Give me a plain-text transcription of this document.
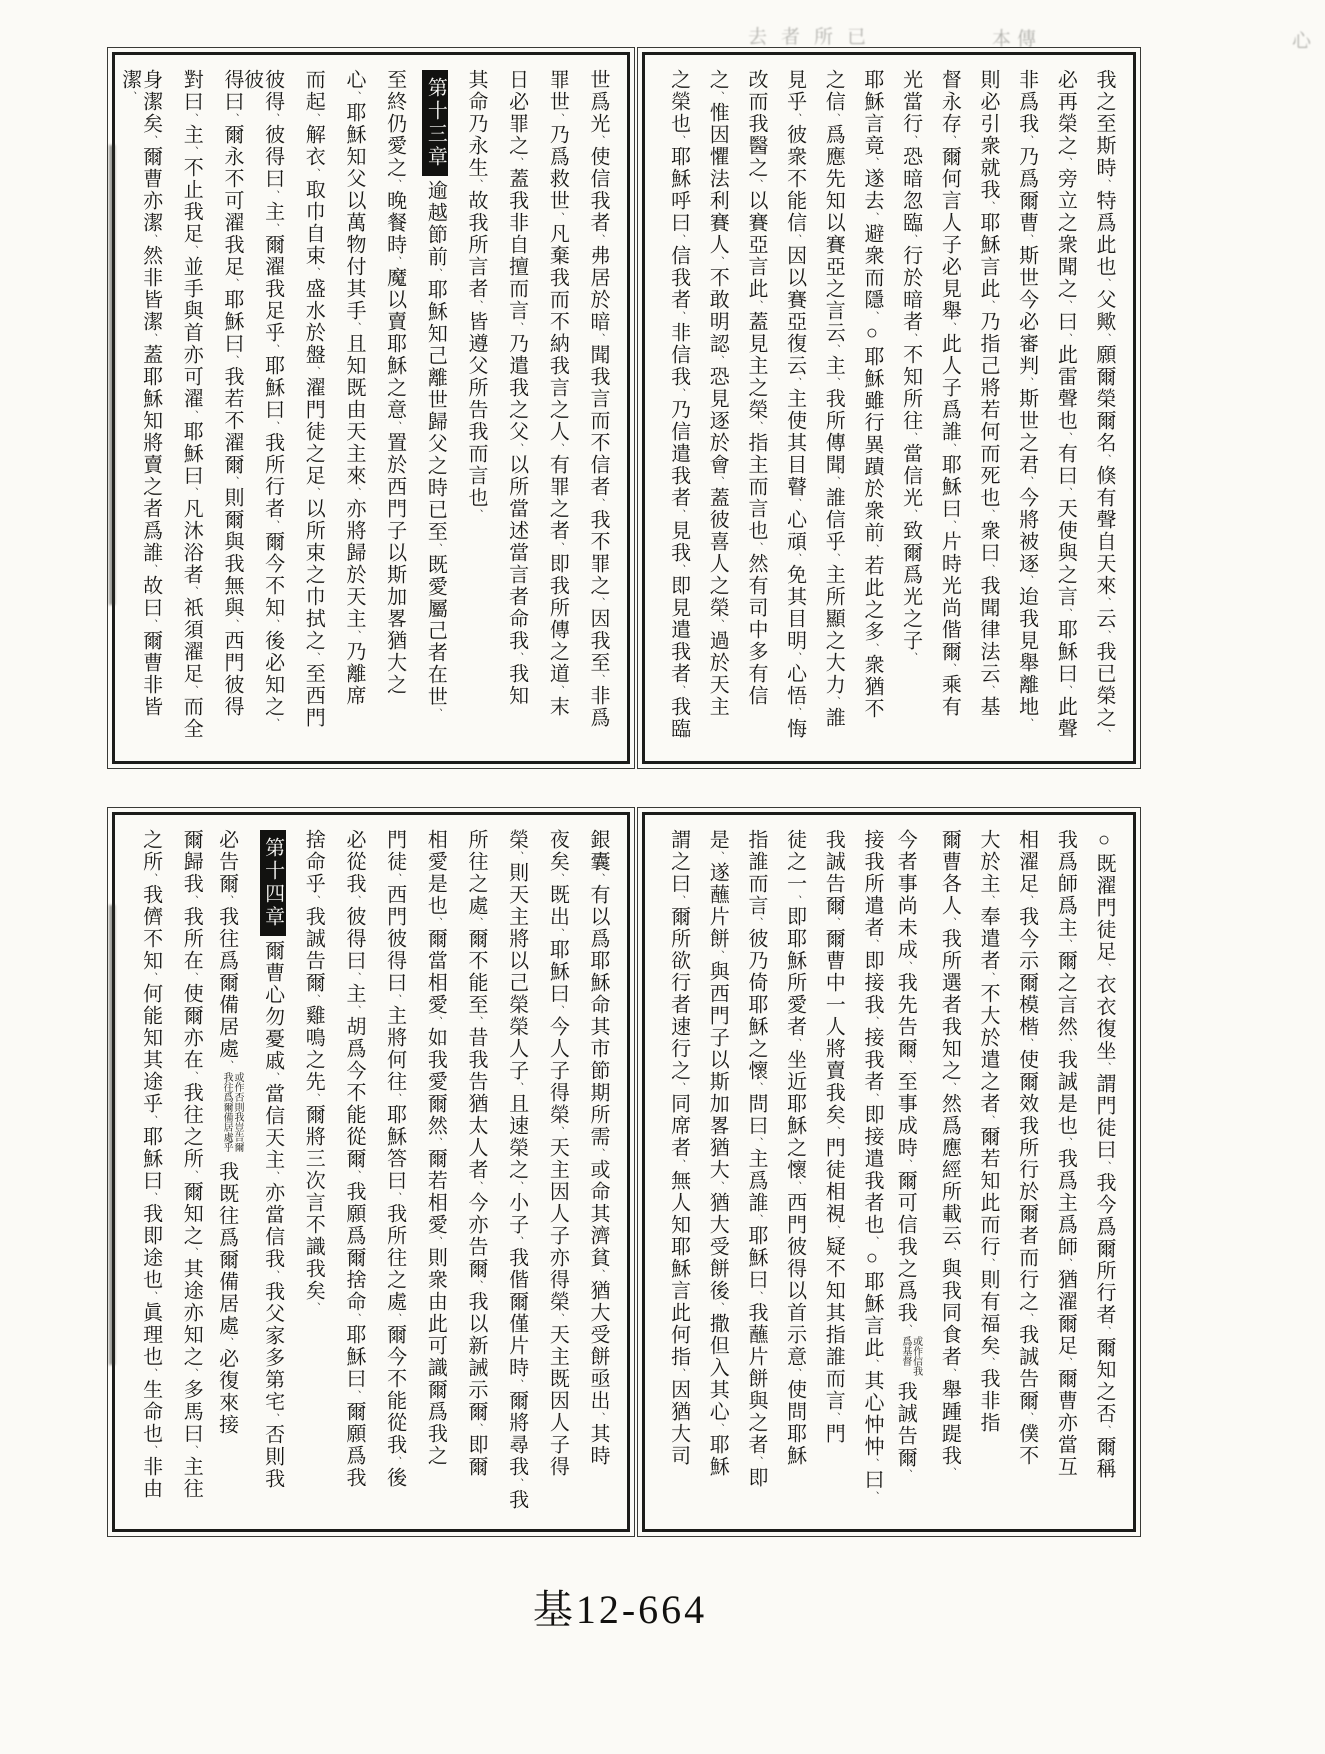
去者所已	本傳	心
我之至斯時、特爲此也、父歟、願爾榮爾名、倏有聲自天來、云、我已榮之、
必再榮之、旁立之衆聞之、曰、此雷聲也、有曰、天使與之言、耶穌曰、此聲
非爲我、乃爲爾曹、斯世今必審判、斯世之君、今將被逐、迨我見舉離地、
則必引衆就我、耶穌言此、乃指己將若何而死也、衆曰、我聞律法云、基
督永存、爾何言人子必見舉、此人子爲誰、耶穌曰、片時光尚偕爾、乘有
光當行、恐暗忽臨、行於暗者、不知所往、當信光、致爾爲光之子、
耶穌言竟、遂去、避衆而隱、○耶穌雖行異蹟於衆前、若此之多、衆猶不
之信、爲應先知以賽亞之言云、主、我所傳聞、誰信乎、主所顯之大力、誰
見乎、彼衆不能信、因以賽亞復云、主使其目瞽、心頑、免其目明、心悟、悔
改而我醫之、以賽亞言此、蓋見主之榮、指主而言也、然有司中多有信
之、惟因懼法利賽人、不敢明認、恐見逐於會、蓋彼喜人之榮、過於天主
之榮也、耶穌呼曰、信我者、非信我、乃信遣我者、見我、即見遣我者、我臨
世爲光、使信我者、弗居於暗、聞我言而不信者、我不罪之、因我至、非爲
罪世、乃爲救世、凡棄我而不納我言之人、有罪之者、即我所傳之道、末
日必罪之、蓋我非自擅而言、乃遣我之父、以所當述當言者命我、我知
其命乃永生、故我所言者、皆遵父所告我而言也、
第十三章逾越節前、耶穌知己離世歸父之時已至、既愛屬己者在世、
至終仍愛之、晚餐時、魔以賣耶穌之意、置於西門子以斯加畧猶大之
心、耶穌知父以萬物付其手、且知既由天主來、亦將歸於天主、乃離席
而起、解衣、取巾自束、盛水於盤、濯門徒之足、以所束之巾拭之、至西門
彼得、彼得曰、主、爾濯我足乎、耶穌曰、我所行者、爾今不知、後必知之、彼
得曰、爾永不可濯我足、耶穌曰、我若不濯爾、則爾與我無與、西門彼得
對曰、主、不止我足、並手與首亦可濯、耶穌曰、凡沐浴者、祇須濯足、而全
身潔矣、爾曹亦潔、然非皆潔、蓋耶穌知將賣之者爲誰、故曰、爾曹非皆潔、
○既濯門徒足、衣衣復坐、謂門徒曰、我今爲爾所行者、爾知之否、爾稱
我爲師爲主、爾之言然、我誠是也、我爲主爲師、猶濯爾足、爾曹亦當互
相濯足、我今示爾模楷、使爾效我所行於爾者而行之、我誠告爾、僕不
大於主、奉遣者、不大於遣之者、爾若知此而行、則有福矣、我非指
爾曹各人、我所選者我知之、然爲應經所載云、與我同食者、舉踵踶我、
今者事尚未成、我先告爾、至事成時、爾可信我之爲我、或作信我爲基督我誠告爾、
接我所遣者、即接我、接我者、即接遣我者也、○耶穌言此、其心忡忡、曰、
我誠告爾、爾曹中一人將賣我矣、門徒相視、疑不知其指誰而言、門
徒之一、即耶穌所愛者、坐近耶穌之懷、西門彼得以首示意、使問耶穌
指誰而言、彼乃倚耶穌之懷、問曰、主爲誰、耶穌曰、我蘸片餅與之者、即
是、遂蘸片餅、與西門子以斯加畧猶大、猶大受餅後、撒但入其心、耶穌
謂之曰、爾所欲行者速行之、同席者、無人知耶穌言此何指、因猶大司
銀囊、有以爲耶穌命其市節期所需、或命其濟貧、猶大受餅亟出、其時
夜矣、既出、耶穌曰、今人子得榮、天主因人子亦得榮、天主既因人子得
榮、則天主將以己榮榮人子、且速榮之、小子、我偕爾僅片時、爾將尋我、我
所往之處、爾不能至、昔我告猶太人者、今亦告爾、我以新誡示爾、即爾
相愛是也、爾當相愛、如我愛爾然、爾若相愛、則衆由此可識爾爲我之
門徒、西門彼得曰、主將何往、耶穌答曰、我所往之處、爾今不能從我、後
必從我、彼得曰、主、胡爲今不能從爾、我願爲爾捨命、耶穌曰、爾願爲我
捨命乎、我誠告爾、雞鳴之先、爾將三次言不識我矣、
第十四章爾曹心勿憂戚、當信天主、亦當信我、我父家多第宅、否則我
必告爾、我往爲爾備居處、或作否則我豈告爾我往爲爾備居處乎我既往爲爾備居處、必復來接
爾歸我、我所在、使爾亦在、我往之所、爾知之、其途亦知之、多馬曰、主往
之所、我儕不知、何能知其途乎、耶穌曰、我即途也、眞理也、生命也、非由
基12-664
